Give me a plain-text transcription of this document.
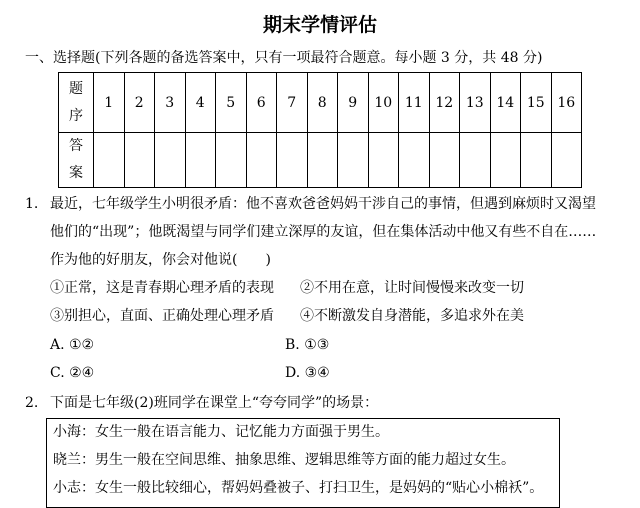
期末学情评估
一、选择题(下列各题的备选答案中，只有一项最符合题意。每小题 3 分，共 48 分)
题
序	1	2	3	4	5	6	7	8	9	10	11	12	13	14	15	16

答
案																

1. 最近，七年级学生小明很矛盾：他不喜欢爸爸妈妈干涉自己的事情，但遇到麻烦时又渴望
他们的“出现”；他既渴望与同学们建立深厚的友谊，但在集体活动中他又有些不自在……
作为他的好朋友，你会对他说(　　)
①正常，这是青春期心理矛盾的表现 ②不用在意，让时间慢慢来改变一切
③别担心，直面、正确处理心理矛盾 ④不断激发自身潜能，多追求外在美
A. ①②	B. ①③
C. ②④	D. ③④
2. 下面是七年级(2)班同学在课堂上“夸夸同学”的场景：
小海：女生一般在语言能力、记忆能力方面强于男生。
晓兰：男生一般在空间思维、抽象思维、逻辑思维等方面的能力超过女生。
小志：女生一般比较细心，帮妈妈叠被子、打扫卫生，是妈妈的“贴心小棉袄”。
